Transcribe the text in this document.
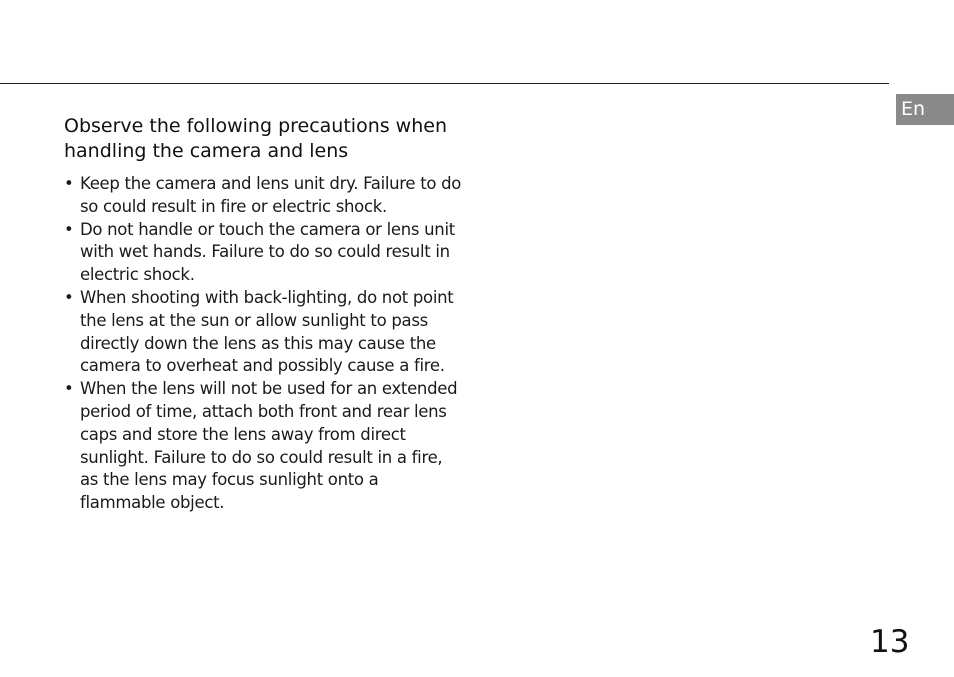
En
Observe the following precautions when handling the camera and lens
• Keep the camera and lens unit dry. Failure to do so could result in fire or electric shock.
• Do not handle or touch the camera or lens unit with wet hands. Failure to do so could result in electric shock.
• When shooting with back-lighting, do not point the lens at the sun or allow sunlight to pass directly down the lens as this may cause the camera to overheat and possibly cause a fire.
• When the lens will not be used for an extended period of time, attach both front and rear lens caps and store the lens away from direct sunlight. Failure to do so could result in a fire, as the lens may focus sunlight onto a flammable object.
13
